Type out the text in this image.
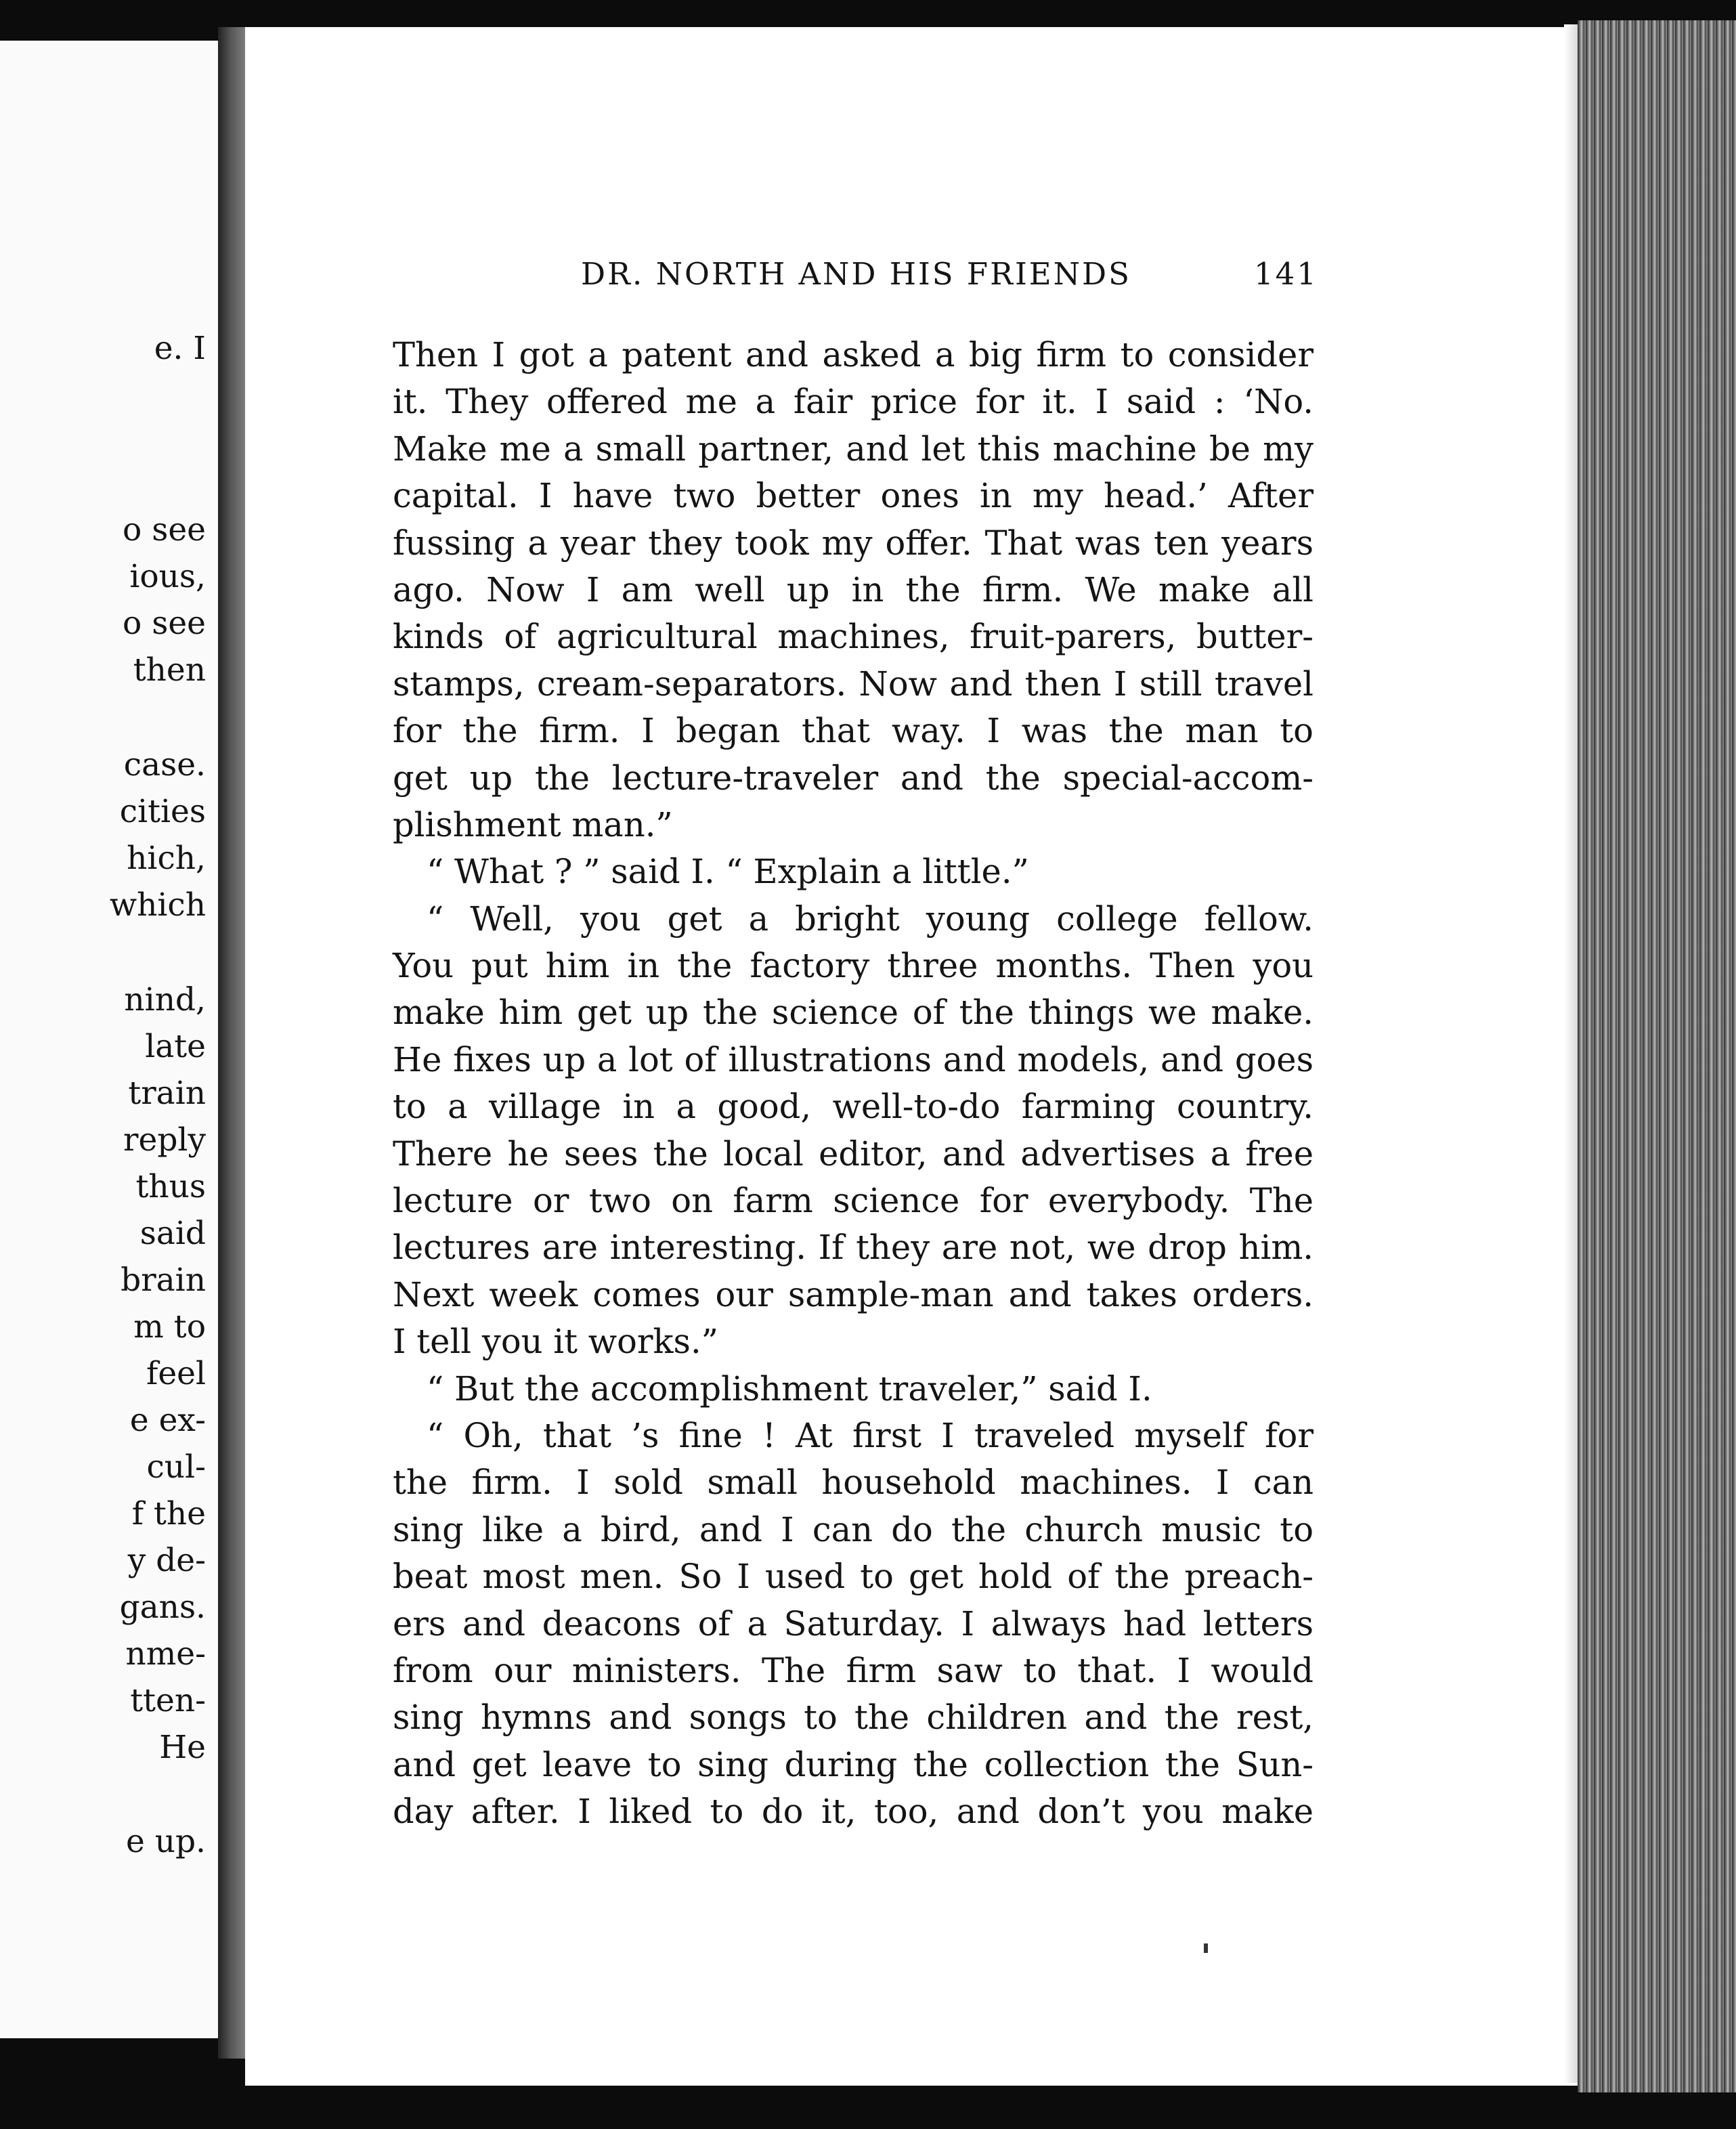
e. I
o see
ious,
o see
then
case.
cities
hich,
which
nind,
late
train
reply
thus
said
brain
m to
feel
e ex-
cul-
f the
y de-
gans.
nme-
tten-
He
e up.
DR. NORTH AND HIS FRIENDS	141
Then I got a patent and asked a big firm to consider
it. They offered me a fair price for it. I said : ‘No.
Make me a small partner, and let this machine be my
capital. I have two better ones in my head.’ After
fussing a year they took my offer. That was ten years
ago. Now I am well up in the firm. We make all
kinds of agricultural machines, fruit-parers, butter-
stamps, cream-separators. Now and then I still travel
for the firm. I began that way. I was the man to
get up the lecture-traveler and the special-accom-
plishment man.”
“ What ? ” said I. “ Explain a little.”
“ Well, you get a bright young college fellow.
You put him in the factory three months. Then you
make him get up the science of the things we make.
He fixes up a lot of illustrations and models, and goes
to a village in a good, well-to-do farming country.
There he sees the local editor, and advertises a free
lecture or two on farm science for everybody. The
lectures are interesting. If they are not, we drop him.
Next week comes our sample-man and takes orders.
I tell you it works.”
“ But the accomplishment traveler,” said I.
“ Oh, that ’s fine ! At first I traveled myself for
the firm. I sold small household machines. I can
sing like a bird, and I can do the church music to
beat most men. So I used to get hold of the preach-
ers and deacons of a Saturday. I always had letters
from our ministers. The firm saw to that. I would
sing hymns and songs to the children and the rest,
and get leave to sing during the collection the Sun-
day after. I liked to do it, too, and don’t you make
